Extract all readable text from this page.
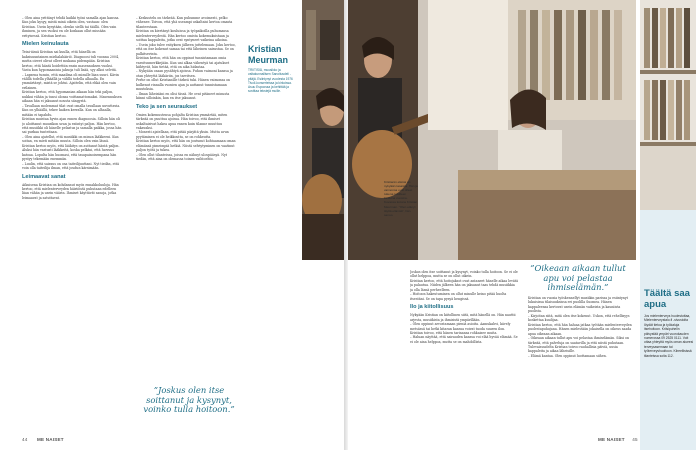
– Olen aina yrittänyt tehdä kaikki työni samalla ajan kanssa. Kun joku kysyy, mistä minä oikein olen, vastaan: olen Kristian. Usein kysytään, olenko siellä tai täällä. Olen vain ihminen, ja sen vuoksi en ole koskaan ollut missään erityisessä. Kristian kertoo.

Mielen keinulauta

Teini-iässä Kristian sai kuulla, että hänellä on kaksisuuntainen mielialahäiriö. Diagnoosi tuli vuonna 2004, mutta oireet olivat olleet mukana pidempään. Kristian kertoo, että häntä hoidettiin ensin masennuksen vuoksi. Vasta kun hypomaanisia jaksoja tuli lisää, syy alkoi selvitä.

– Lapsena tunsin, että maailma oli minulle liian suuri. Kävin välillä todella ylhäällä ja välillä todella alhaalla. En ymmärtänyt, mistä se johtui. Ajattelin, että ehkä olen vain erilainen.

Kristian kertoo, että hypomanian aikaan hän teki paljon, nukkui vähän ja tunsi olonsa voittamattomaksi. Masennuksen aikaan hän ei jaksanut nousta sängystä.

– Tavallaan molemmat tilat ovat omalla tavallaan uuvuttavia. Kun on ylhäällä, tekee kaiken kerralla. Kun on alhaalla, mitään ei tapahdu.

Kristian muistaa hyvin ajan ennen diagnoosia. Silloin hän oli jo aloittanut muusikon uran ja esiintyi paljon. Hän kertoo, että musiikki oli hänelle pelastus ja samalla paikka, jossa hän sai purkaa tunteitaan.

– Olen aina ajatellut, että musiikki on minun lääkkeeni. Kun soitan, en mieti mitään muuta. Silloin olen vain läsnä.

Kristian kertoo myös, että lääkitys on auttanut häntä paljon. Aluksi hän vastusti lääkkeitä, koska pelkäsi, että luovuus katoaa. Lopulta hän huomasi, että tasapainoisempana hän pystyy tekemään enemmän.

– Luulin, että sairaus on osa taiteilijuuttani. Nyt tiedän, että voin olla taiteilija ilman, että joudun kärsimään.

Leimaavat sanat

Aikuisena Kristian on kohdannut myös ennakkoluuloja. Hän kertoo, että mielenterveyden häiriöistä puhutaan edelleen liian vähän ja usein väärin. Ihmiset käyttävät sanoja, jotka leimaavat ja satuttavat.

– Keskustelu on tärkeää. Kun puhumme avoimesti, pelko vähenee. Toivon, että yhä useampi uskaltaisi kertoa omasta tilanteestaan.

Kristian on kiertänyt kouluissa ja työpaikoilla puhumassa mielenterveydestä. Hän kertoo omista kokemuksistaan ja soittaa kappaleita, jotka ovat syntyneet vaikeina aikoina.

– Usein joku tulee esityksen jälkeen juttelemaan. Joku kertoo, että on itse kokenut samaa tai että läheinen sairastaa. Se on palkitsevinta.

Kristian kertoo, että hän on oppinut tunnistamaan omia varoitusmerkkejään. Kun uni alkaa vähentyä tai ajatukset kiihtyvät, hän tietää, että on aika hidastaa.

– Nykyään osaan pysähtyä ajoissa. Puhun vaimoni kanssa ja otan yhteyttä lääkäriin, jos tarvitsen.

Perhe on ollut Kristianille tärkeä tuki. Hänen vaimonsa on kulkenut rinnalla vuosien ajan ja auttanut tunnistamaan muutoksia.

– Ilman läheisiäni en olisi tässä. He ovat pitäneet minusta kiinni silloinkin, kun en itse jaksanut.

Teko ja sen seuraukset

Omien kokemustensa pohjalta Kristian ymmärtää, miten tärkeää on puuttua ajoissa. Hän toivoo, että ihmiset uskaltaisivat hakea apua ennen kuin tilanne muuttuu vakavaksi.

– Monesti ajatellaan, että pitää pärjätä yksin. Mutta avun pyytäminen ei ole heikkoutta, se on rohkeutta.

Kristian kertoo myös, että hän on joutunut kohtaamaan oman elämänsä pimeimpiä hetkiä. Niistä selviytyminen on vaatinut paljon työtä ja tukea.

– Olen ollut tilanteissa, joissa en nähnyt ulospääsyä. Nyt tiedän, että aina on olemassa toinen vaihtoehto.

”Joskus olen itse soittanut ja kysynyt, voinko tulla hoitoon.”
Kristian Meurman
TRIITISIÄ, muusikko ja valtakunnallisen Sanoitusdeli -pitäjä. Esiintynyt vuodesta 1976 Tivoli-konserteissa ja kirkoissa. Asuu Espoossa ja kehittää ja sovittaa tekstejä muille.
44 ME NAISET
Kristianin elämä on nykyään tasaista. Hän ja vaimonsa ovat olleet tukena toisilleen kaikkina vuosina. Kuvassa kotona Kristian Meurman. ”Olen elänyt täyttä elämää”, hän sanoo.

Joskus olen itse soittanut ja kysynyt, voinko tulla hoitoon. Se ei ole ollut helppoa, mutta se on ollut oikein.

Kristian kertoo, että hoitojaksot ovat antaneet hänelle aikaa levätä ja palautua. Niiden jälkeen hän on jaksanut taas tehdä musiikkia ja olla läsnä perheelleen.

– Hoitoon hakeutuminen on ollut minulle keino pitää huolta itsestäni. Se on tapa pysyä hengissä.

Ilo ja kiitollisuus

Nykyään Kristian on kiitollinen siitä, mitä hänellä on. Hän nauttii arjesta, musiikista ja ihmisistä ympärillään.

– Olen oppinut arvostamaan pieniä asioita. Aamukahvi, kävely metsässä tai hetki kitaran kanssa voivat tuoda suuren ilon.

Kristian toivoo, että hänen tarinansa rohkaisee muita.

– Haluan näyttää, että sairauden kanssa voi elää hyvää elämää. Se ei ole aina helppoa, mutta se on mahdollista.

”Oikeaan aikaan tullut apu voi pelastaa ihmiselämän.”

Kristian on vuosia työskennellyt musiikin parissa ja esiintynyt lukuisissa tilaisuuksissa eri puolilla Suomea. Hänen kappaleensa kertovat usein elämän vaikeista ja kauniista puolista.

– Kirjoitan siitä, mitä olen itse kokenut. Uskon, että rehellisyys koskettaa kuulijaa.

Kristian kertoo, että hän haluaa jatkaa työtään mielenterveyden puolestapuhujana. Hänen mielestään jokaisella on oikeus saada apua oikeaan aikaan.

– Oikeaan aikaan tullut apu voi pelastaa ihmiselämän. Siksi on tärkeää, että palveluja on saatavilla ja että niistä puhutaan.

Tulevaisuudelta Kristian toivoo rauhallisia päiviä, uusia kappaleita ja aikaa läheisille.

– Elämä kantaa. Olen oppinut luottamaan siihen.

Täältä saa apua
Jos mielenterveys huolestuttaa, Mielenterveystalo.fi -sivustolta löydät tietoa ja työkaluja itsehoitoon. Kriisipuhelin päivystää ympäri vuorokauden numerossa 09 2525 0111. Voit ottaa yhteyttä myös oman alueesi terveysasemaan tai työterveyshuoltoon. Kiireellisissä tilanteissa soita 112.
ME NAISET 45
